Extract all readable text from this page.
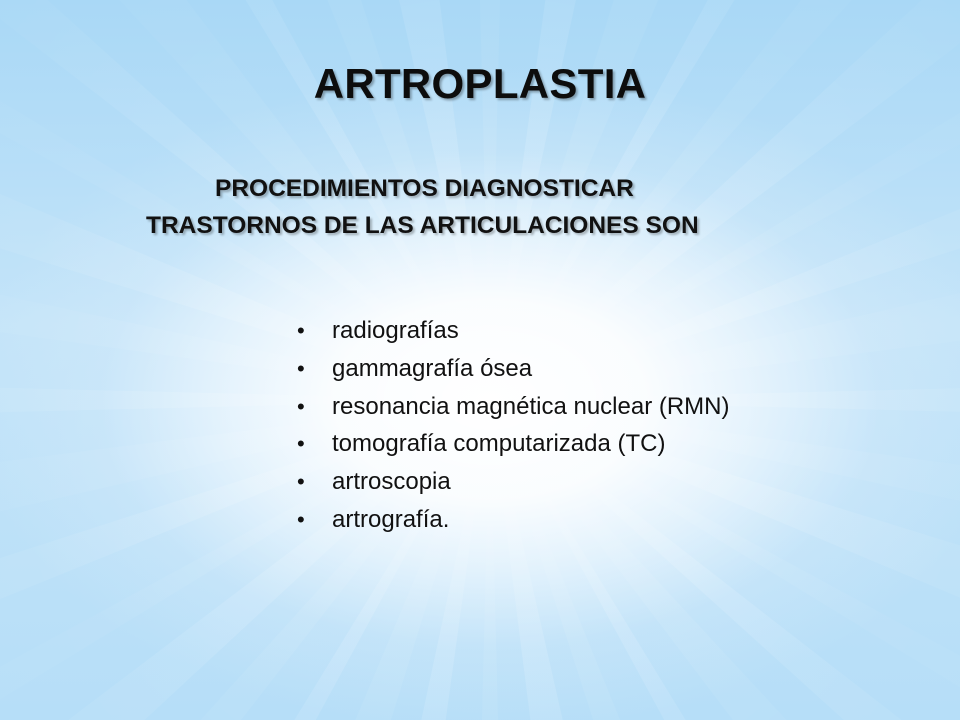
ARTROPLASTIA
PROCEDIMIENTOS DIAGNOSTICAR
TRASTORNOS DE LAS ARTICULACIONES SON
• radiografías
• gammagrafía ósea
• resonancia magnética nuclear (RMN)
• tomografía computarizada (TC)
• artroscopia
• artrografía.
